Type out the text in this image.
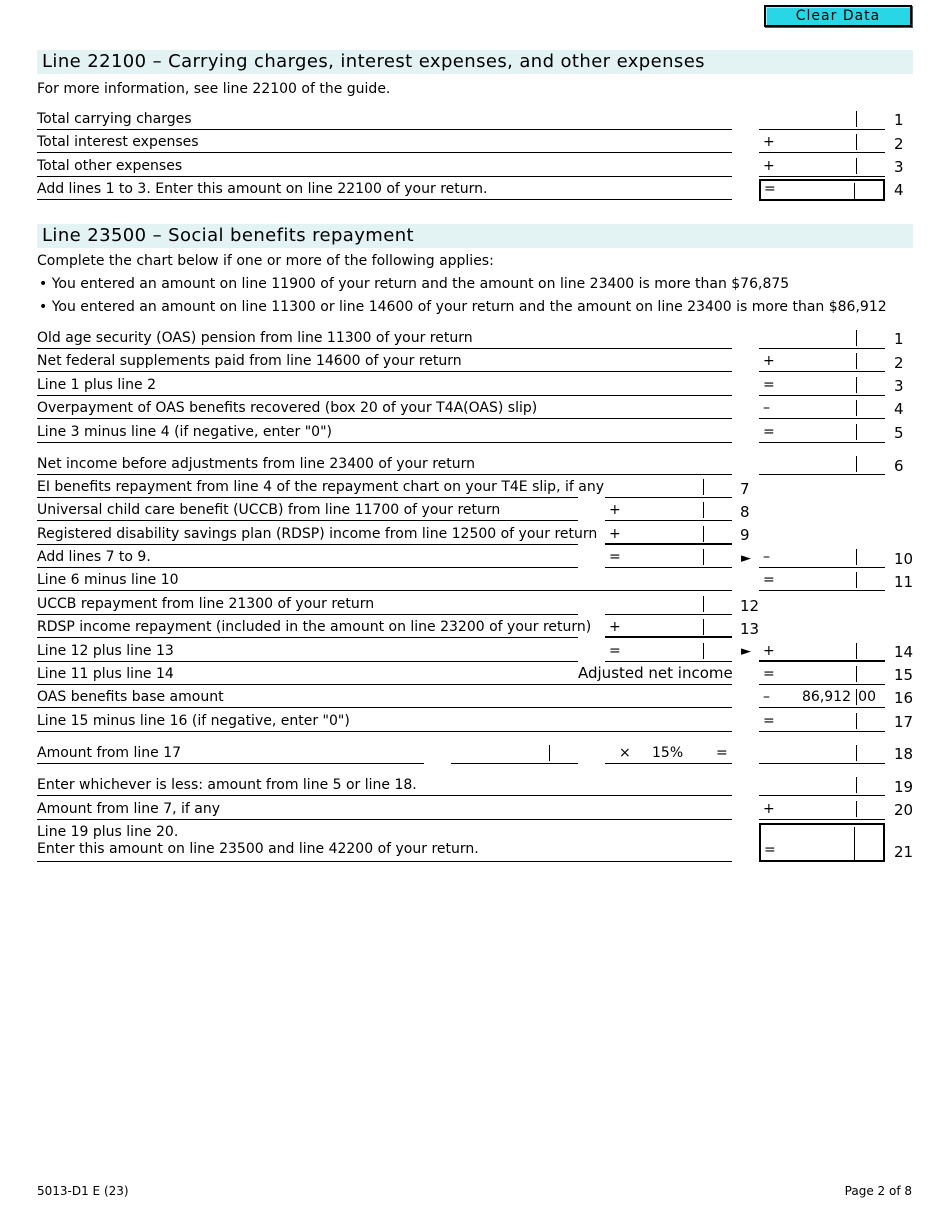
Clear Data
Line 22100 – Carrying charges, interest expenses, and other expenses
For more information, see line 22100 of the guide.
Total carrying charges	1
Total interest expenses	+	2
Total other expenses	+	3
Add lines 1 to 3. Enter this amount on line 22100 of your return.	=	4
Line 23500 – Social benefits repayment
Complete the chart below if one or more of the following applies:
• You entered an amount on line 11900 of your return and the amount on line 23400 is more than $76,875
• You entered an amount on line 11300 or line 14600 of your return and the amount on line 23400 is more than $86,912
Old age security (OAS) pension from line 11300 of your return	1
Net federal supplements paid from line 14600 of your return	+	2
Line 1 plus line 2	=	3
Overpayment of OAS benefits recovered (box 20 of your T4A(OAS) slip)	–	4
Line 3 minus line 4 (if negative, enter "0")	=	5
Net income before adjustments from line 23400 of your return	6
EI benefits repayment from line 4 of the repayment chart on your T4E slip, if any	7
Universal child care benefit (UCCB) from line 11700 of your return	+	8
Registered disability savings plan (RDSP) income from line 12500 of your return +	9
Add lines 7 to 9.	=	► –	10
Line 6 minus line 10	=	11
UCCB repayment from line 21300 of your return	12
RDSP income repayment (included in the amount on line 23200 of your return) +	13
Line 12 plus line 13	=	► +	14
Line 11 plus line 14	Adjusted net income =	15
OAS benefits base amount	– 86,912 00 16
Line 15 minus line 16 (if negative, enter "0")	=	17
Amount from line 17	× 15% =	18
Enter whichever is less: amount from line 5 or line 18.	19
Amount from line 7, if any	+	20
Line 19 plus line 20.
Enter this amount on line 23500 and line 42200 of your return.	=	21
5013-D1 E (23)	Page 2 of 8
